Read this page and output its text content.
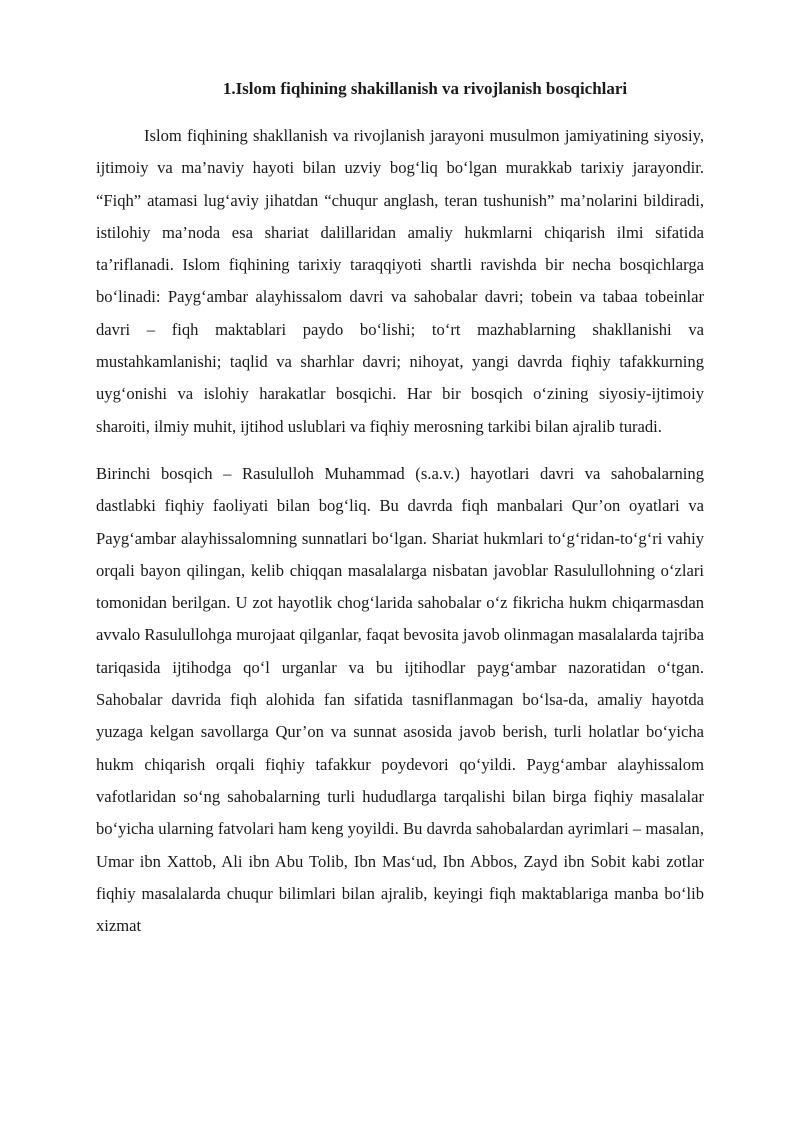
1.Islom fiqhining shakillanish va rivojlanish bosqichlari

Islom fiqhining shakllanish va rivojlanish jarayoni musulmon jamiyatining siyosiy, ijtimoiy va ma’naviy hayoti bilan uzviy bog‘liq bo‘lgan murakkab tarixiy jarayondir. “Fiqh” atamasi lug‘aviy jihatdan “chuqur anglash, teran tushunish” ma’nolarini bildiradi, istilohiy ma’noda esa shariat dalillaridan amaliy hukmlarni chiqarish ilmi sifatida ta’riflanadi. Islom fiqhining tarixiy taraqqiyoti shartli ravishda bir necha bosqichlarga bo‘linadi: Payg‘ambar alayhissalom davri va sahobalar davri; tobein va tabaa tobeinlar davri – fiqh maktablari paydo bo‘lishi; to‘rt mazhablarning shakllanishi va mustahkamlanishi; taqlid va sharhlar davri; nihoyat, yangi davrda fiqhiy tafakkurning uyg‘onishi va islohiy harakatlar bosqichi. Har bir bosqich o‘zining siyosiy-ijtimoiy sharoiti, ilmiy muhit, ijtihod uslublari va fiqhiy merosning tarkibi bilan ajralib turadi.

Birinchi bosqich – Rasululloh Muhammad (s.a.v.) hayotlari davri va sahobalarning dastlabki fiqhiy faoliyati bilan bog‘liq. Bu davrda fiqh manbalari Qur’on oyatlari va Payg‘ambar alayhissalomning sunnatlari bo‘lgan. Shariat hukmlari to‘g‘ridan-to‘g‘ri vahiy orqali bayon qilingan, kelib chiqqan masalalarga nisbatan javoblar Rasulullohning o‘zlari tomonidan berilgan. U zot hayotlik chog‘larida sahobalar o‘z fikricha hukm chiqarmasdan avvalo Rasulullohga murojaat qilganlar, faqat bevosita javob olinmagan masalalarda tajriba tariqasida ijtihodga qo‘l urganlar va bu ijtihodlar payg‘ambar nazoratidan o‘tgan. Sahobalar davrida fiqh alohida fan sifatida tasniflanmagan bo‘lsa-da, amaliy hayotda yuzaga kelgan savollarga Qur’on va sunnat asosida javob berish, turli holatlar bo‘yicha hukm chiqarish orqali fiqhiy tafakkur poydevori qo‘yildi. Payg‘ambar alayhissalom vafotlaridan so‘ng sahobalarning turli hududlarga tarqalishi bilan birga fiqhiy masalalar bo‘yicha ularning fatvolari ham keng yoyildi. Bu davrda sahobalardan ayrimlari – masalan, Umar ibn Xattob, Ali ibn Abu Tolib, Ibn Mas‘ud, Ibn Abbos, Zayd ibn Sobit kabi zotlar fiqhiy masalalarda chuqur bilimlari bilan ajralib, keyingi fiqh maktablariga manba bo‘lib xizmat
